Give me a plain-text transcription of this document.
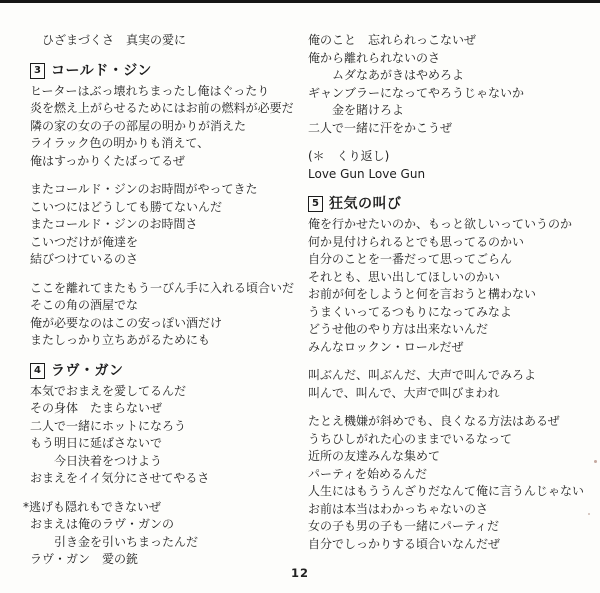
　ひざまづくさ　真実の愛に
3 コールド・ジン
ヒーターはぶっ壊れちまったし俺はぐったり
炎を燃え上がらせるためにはお前の燃料が必要だ
隣の家の女の子の部屋の明かりが消えた
ライラック色の明かりも消えて、
俺はすっかりくたばってるぜ
またコールド・ジンのお時間がやってきた
こいつにはどうしても勝てないんだ
またコールド・ジンのお時間さ
こいつだけが俺達を
結びつけているのさ
ここを離れてまたもう一びん手に入れる頃合いだ
そこの角の酒屋でな
俺が必要なのはこの安っぽい酒だけ
またしっかり立ちあがるためにも
4 ラヴ・ガン
本気でおまえを愛してるんだ
その身体　たまらないぜ
二人で一緒にホットになろう
もう明日に延ばさないで
　　今日決着をつけよう
おまえをイイ気分にさせてやるさ
*逃げも隠れもできないぜ
おまえは俺のラヴ・ガンの
　　引き金を引いちまったんだ
ラヴ・ガン　愛の銃
俺のこと　忘れられっこないぜ
俺から離れられないのさ
　　ムダなあがきはやめろよ
ギャンブラーになってやろうじゃないか
　　金を賭けろよ
二人で一緒に汗をかこうぜ
(＊　くり返し)
Love Gun Love Gun
5 狂気の叫び
俺を行かせたいのか、もっと欲しいっていうのか
何か見付けられるとでも思ってるのかい
自分のことを一番だって思ってごらん
それとも、思い出してほしいのかい
お前が何をしようと何を言おうと構わない
うまくいってるつもりになってみなよ
どうせ他のやり方は出来ないんだ
みんなロックン・ロールだぜ
叫ぶんだ、叫ぶんだ、大声で叫んでみろよ
叫んで、叫んで、大声で叫びまわれ
たとえ機嫌が斜めでも、良くなる方法はあるぜ
うちひしがれた心のままでいるなって
近所の友達みんな集めて
パーティを始めるんだ
人生にはもううんざりだなんて俺に言うんじゃない
お前は本当はわかっちゃないのさ
女の子も男の子も一緒にパーティだ
自分でしっかりする頃合いなんだぜ
12
